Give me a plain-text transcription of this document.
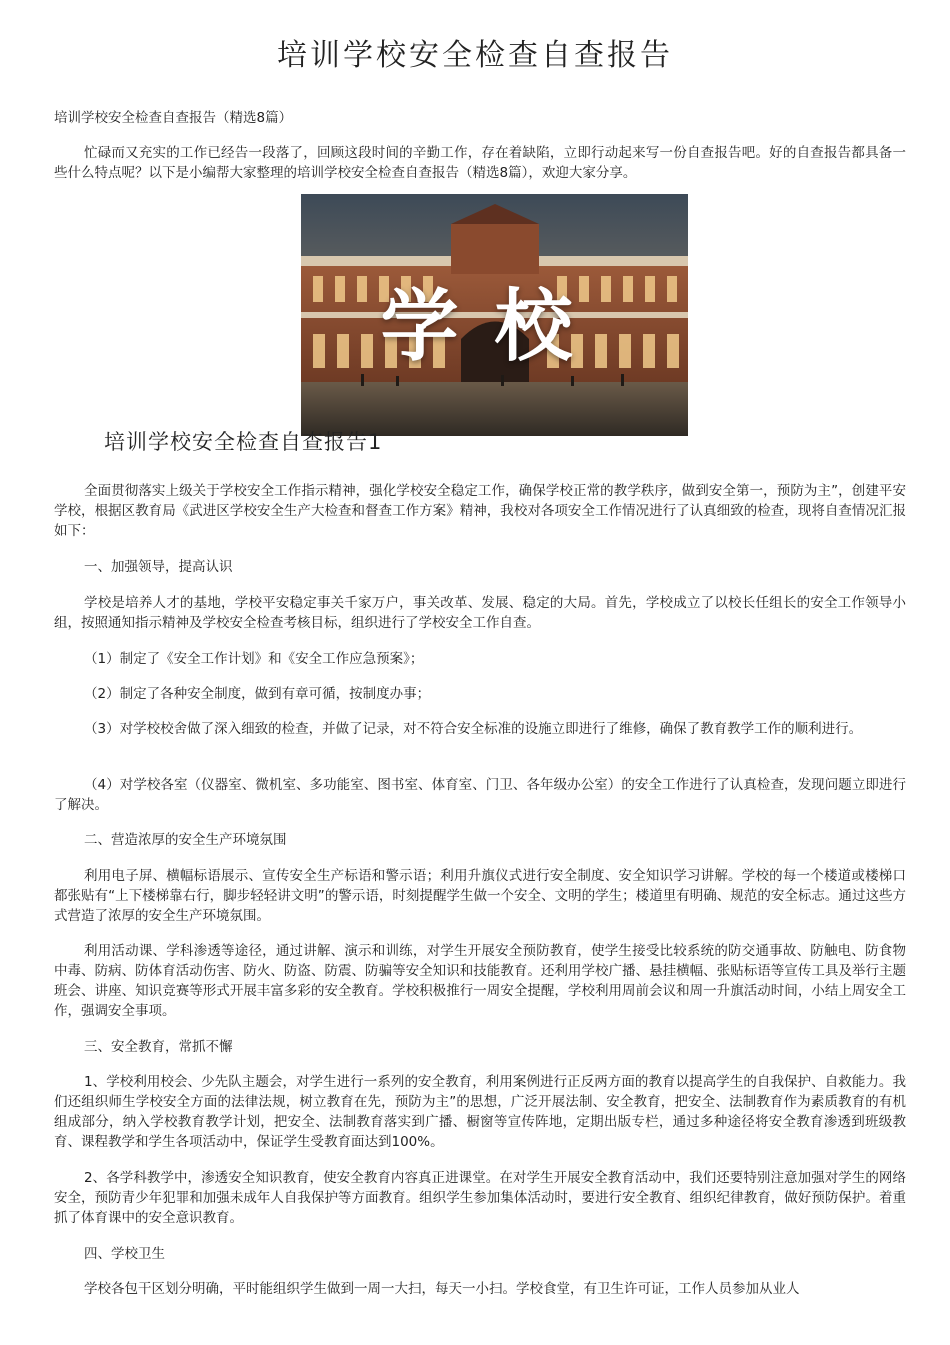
培训学校安全检查自查报告

培训学校安全检查自查报告（精选8篇）

忙碌而又充实的工作已经告一段落了，回顾这段时间的辛勤工作，存在着缺陷，立即行动起来写一份自查报告吧。好的自查报告都具备一些什么特点呢？以下是小编帮大家整理的培训学校安全检查自查报告（精选8篇），欢迎大家分享。

学校
培训学校安全检查自查报告1

全面贯彻落实上级关于学校安全工作指示精神，强化学校安全稳定工作，确保学校正常的教学秩序，做到安全第一，预防为主”，创建平安学校，根据区教育局《武进区学校安全生产大检查和督查工作方案》精神，我校对各项安全工作情况进行了认真细致的检查，现将自查情况汇报如下：

一、加强领导，提高认识

学校是培养人才的基地，学校平安稳定事关千家万户，事关改革、发展、稳定的大局。首先，学校成立了以校长任组长的安全工作领导小组，按照通知指示精神及学校安全检查考核目标，组织进行了学校安全工作自查。

（1）制定了《安全工作计划》和《安全工作应急预案》；

（2）制定了各种安全制度，做到有章可循，按制度办事；

（3）对学校校舍做了深入细致的检查，并做了记录，对不符合安全标准的设施立即进行了维修，确保了教育教学工作的顺利进行。

（4）对学校各室（仪器室、微机室、多功能室、图书室、体育室、门卫、各年级办公室）的安全工作进行了认真检查，发现问题立即进行了解决。

二、营造浓厚的安全生产环境氛围

利用电子屏、横幅标语展示、宣传安全生产标语和警示语；利用升旗仪式进行安全制度、安全知识学习讲解。学校的每一个楼道或楼梯口都张贴有“上下楼梯靠右行，脚步轻轻讲文明”的警示语，时刻提醒学生做一个安全、文明的学生；楼道里有明确、规范的安全标志。通过这些方式营造了浓厚的安全生产环境氛围。

利用活动课、学科渗透等途径，通过讲解、演示和训练，对学生开展安全预防教育，使学生接受比较系统的防交通事故、防触电、防食物中毒、防病、防体育活动伤害、防火、防盗、防震、防骗等安全知识和技能教育。还利用学校广播、悬挂横幅、张贴标语等宣传工具及举行主题班会、讲座、知识竞赛等形式开展丰富多彩的安全教育。学校积极推行一周安全提醒，学校利用周前会议和周一升旗活动时间，小结上周安全工作，强调安全事项。

三、安全教育，常抓不懈

1、学校利用校会、少先队主题会，对学生进行一系列的安全教育，利用案例进行正反两方面的教育以提高学生的自我保护、自救能力。我们还组织师生学校安全方面的法律法规，树立教育在先，预防为主”的思想，广泛开展法制、安全教育，把安全、法制教育作为素质教育的有机组成部分，纳入学校教育教学计划，把安全、法制教育落实到广播、橱窗等宣传阵地，定期出版专栏，通过多种途径将安全教育渗透到班级教育、课程教学和学生各项活动中，保证学生受教育面达到100%。

2、各学科教学中，渗透安全知识教育，使安全教育内容真正进课堂。在对学生开展安全教育活动中，我们还要特别注意加强对学生的网络安全，预防青少年犯罪和加强未成年人自我保护等方面教育。组织学生参加集体活动时，要进行安全教育、组织纪律教育，做好预防保护。着重抓了体育课中的安全意识教育。

四、学校卫生

学校各包干区划分明确，平时能组织学生做到一周一大扫，每天一小扫。学校食堂，有卫生许可证，工作人员参加从业人
